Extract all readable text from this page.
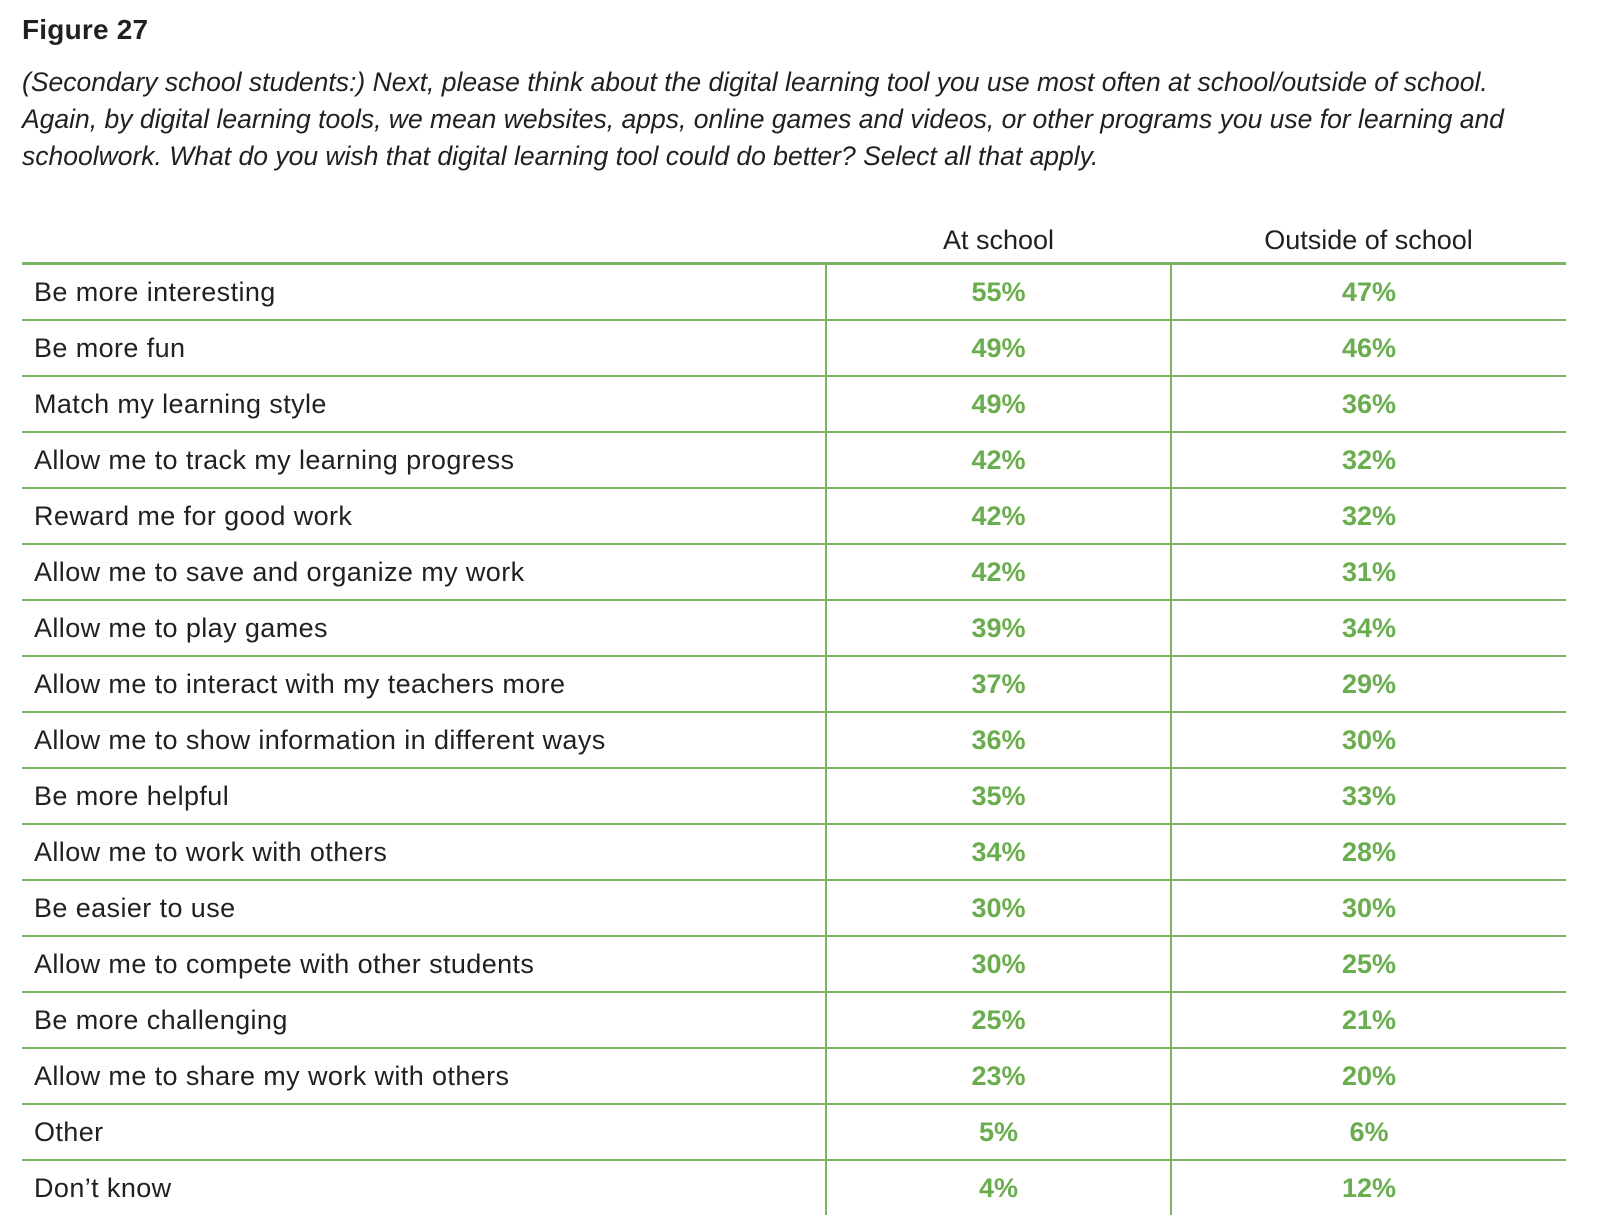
Figure 27
(Secondary school students:) Next, please think about the digital learning tool you use most often at school/outside of school. Again, by digital learning tools, we mean websites, apps, online games and videos, or other programs you use for learning and schoolwork. What do you wish that digital learning tool could do better? Select all that apply.
	At school	Outside of school
Be more interesting	55%	47%
Be more fun	49%	46%
Match my learning style	49%	36%
Allow me to track my learning progress	42%	32%
Reward me for good work	42%	32%
Allow me to save and organize my work	42%	31%
Allow me to play games	39%	34%
Allow me to interact with my teachers more	37%	29%
Allow me to show information in different ways	36%	30%
Be more helpful	35%	33%
Allow me to work with others	34%	28%
Be easier to use	30%	30%
Allow me to compete with other students	30%	25%
Be more challenging	25%	21%
Allow me to share my work with others	23%	20%
Other	5%	6%
Don’t know	4%	12%
